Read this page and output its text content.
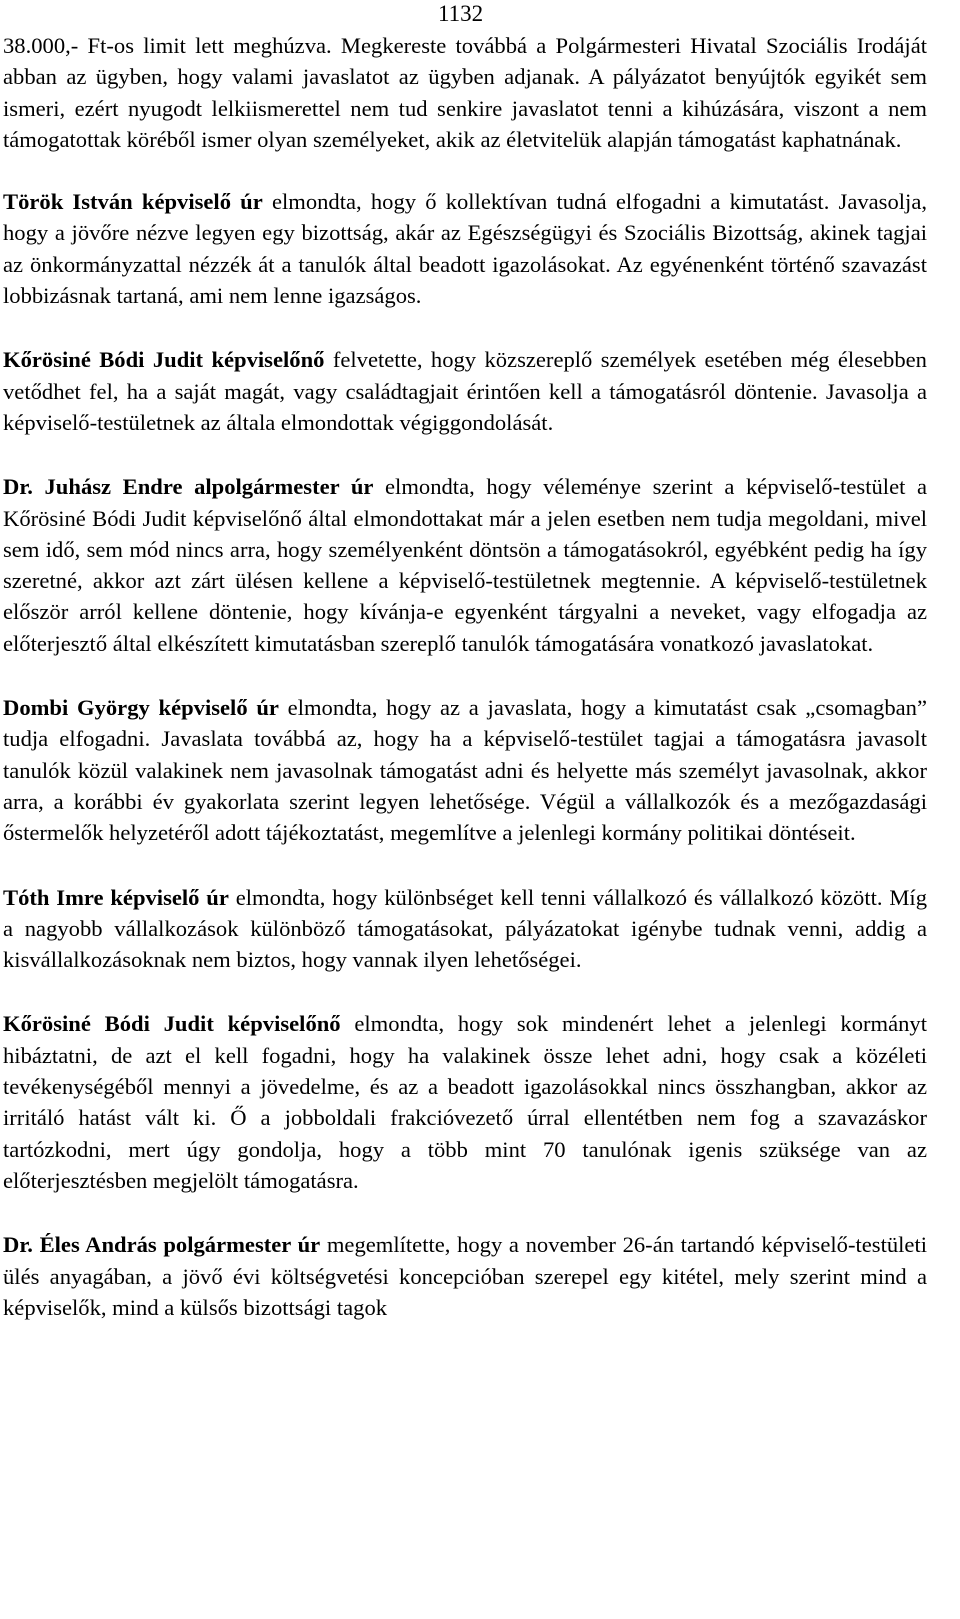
1132

38.000,- Ft-os limit lett meghúzva. Megkereste továbbá a Polgármesteri Hivatal Szociális Irodáját abban az ügyben, hogy valami javaslatot az ügyben adjanak. A pályázatot benyújtók egyikét sem ismeri, ezért nyugodt lelkiismerettel nem tud senkire javaslatot tenni a kihúzására, viszont a nem támogatottak köréből ismer olyan személyeket, akik az életvitelük alapján támogatást kaphatnának.

Török István képviselő úr elmondta, hogy ő kollektívan tudná elfogadni a kimutatást. Javasolja, hogy a jövőre nézve legyen egy bizottság, akár az Egészségügyi és Szociális Bizottság, akinek tagjai az önkormányzattal nézzék át a tanulók által beadott igazolásokat. Az egyénenként történő szavazást lobbizásnak tartaná, ami nem lenne igazságos.

Kőrösiné Bódi Judit képviselőnő felvetette, hogy közszereplő személyek esetében még élesebben vetődhet fel, ha a saját magát, vagy családtagjait érintően kell a támogatásról döntenie. Javasolja a képviselő-testületnek az általa elmondottak végiggondolását.

Dr. Juhász Endre alpolgármester úr elmondta, hogy véleménye szerint a képviselő-testület a Kőrösiné Bódi Judit képviselőnő által elmondottakat már a jelen esetben nem tudja megoldani, mivel sem idő, sem mód nincs arra, hogy személyenként döntsön a támogatásokról, egyébként pedig ha így szeretné, akkor azt zárt ülésen kellene a képviselő-testületnek megtennie. A képviselő-testületnek először arról kellene döntenie, hogy kívánja-e egyenként tárgyalni a neveket, vagy elfogadja az előterjesztő által elkészített kimutatásban szereplő tanulók támogatására vonatkozó javaslatokat.

Dombi György képviselő úr elmondta, hogy az a javaslata, hogy a kimutatást csak „csomagban” tudja elfogadni. Javaslata továbbá az, hogy ha a képviselő-testület tagjai a támogatásra javasolt tanulók közül valakinek nem javasolnak támogatást adni és helyette más személyt javasolnak, akkor arra, a korábbi év gyakorlata szerint legyen lehetősége. Végül a vállalkozók és a mezőgazdasági őstermelők helyzetéről adott tájékoztatást, megemlítve a jelenlegi kormány politikai döntéseit.

Tóth Imre képviselő úr elmondta, hogy különbséget kell tenni vállalkozó és vállalkozó között. Míg a nagyobb vállalkozások különböző támogatásokat, pályázatokat igénybe tudnak venni, addig a kisvállalkozásoknak nem biztos, hogy vannak ilyen lehetőségei.

Kőrösiné Bódi Judit képviselőnő elmondta, hogy sok mindenért lehet a jelenlegi kormányt hibáztatni, de azt el kell fogadni, hogy ha valakinek össze lehet adni, hogy csak a közéleti tevékenységéből mennyi a jövedelme, és az a beadott igazolásokkal nincs összhangban, akkor az irritáló hatást vált ki. Ő a jobboldali frakcióvezető úrral ellentétben nem fog a szavazáskor tartózkodni, mert úgy gondolja, hogy a több mint 70 tanulónak igenis szüksége van az előterjesztésben megjelölt támogatásra.

Dr. Éles András polgármester úr megemlítette, hogy a november 26-án tartandó képviselő-testületi ülés anyagában, a jövő évi költségvetési koncepcióban szerepel egy kitétel, mely szerint mind a képviselők, mind a külsős bizottsági tagok
